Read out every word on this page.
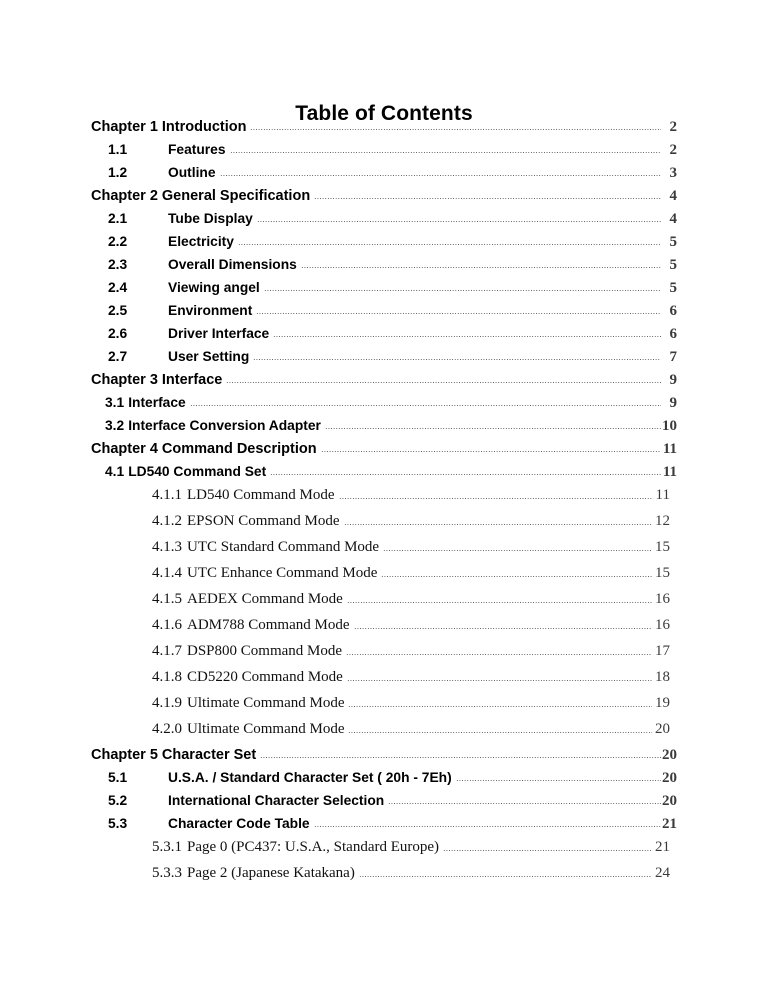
Table of Contents
Chapter 1 Introduction	2
1.1	Features	2
1.2	Outline	3
Chapter 2 General Specification	4
2.1	Tube Display	4
2.2	Electricity	5
2.3	Overall Dimensions	5
2.4	Viewing angel	5
2.5	Environment	6
2.6	Driver Interface	6
2.7	User Setting	7
Chapter 3 Interface	9
3.1 Interface	9
3.2 Interface Conversion Adapter	10
Chapter 4 Command Description	11
4.1 LD540 Command Set	11
4.1.1 LD540 Command Mode	11
4.1.2 EPSON Command Mode	12
4.1.3 UTC Standard Command Mode	15
4.1.4 UTC Enhance Command Mode	15
4.1.5 AEDEX Command Mode	16
4.1.6 ADM788 Command Mode	16
4.1.7 DSP800 Command Mode	17
4.1.8 CD5220 Command Mode	18
4.1.9 Ultimate Command Mode	19
4.2.0 Ultimate Command Mode	20
Chapter 5 Character Set	20
5.1	U.S.A. / Standard Character Set ( 20h - 7Eh)	20
5.2	International Character Selection	20
5.3	Character Code Table	21
5.3.1 Page 0 (PC437: U.S.A., Standard Europe)	21
5.3.3 Page 2 (Japanese Katakana)	24
